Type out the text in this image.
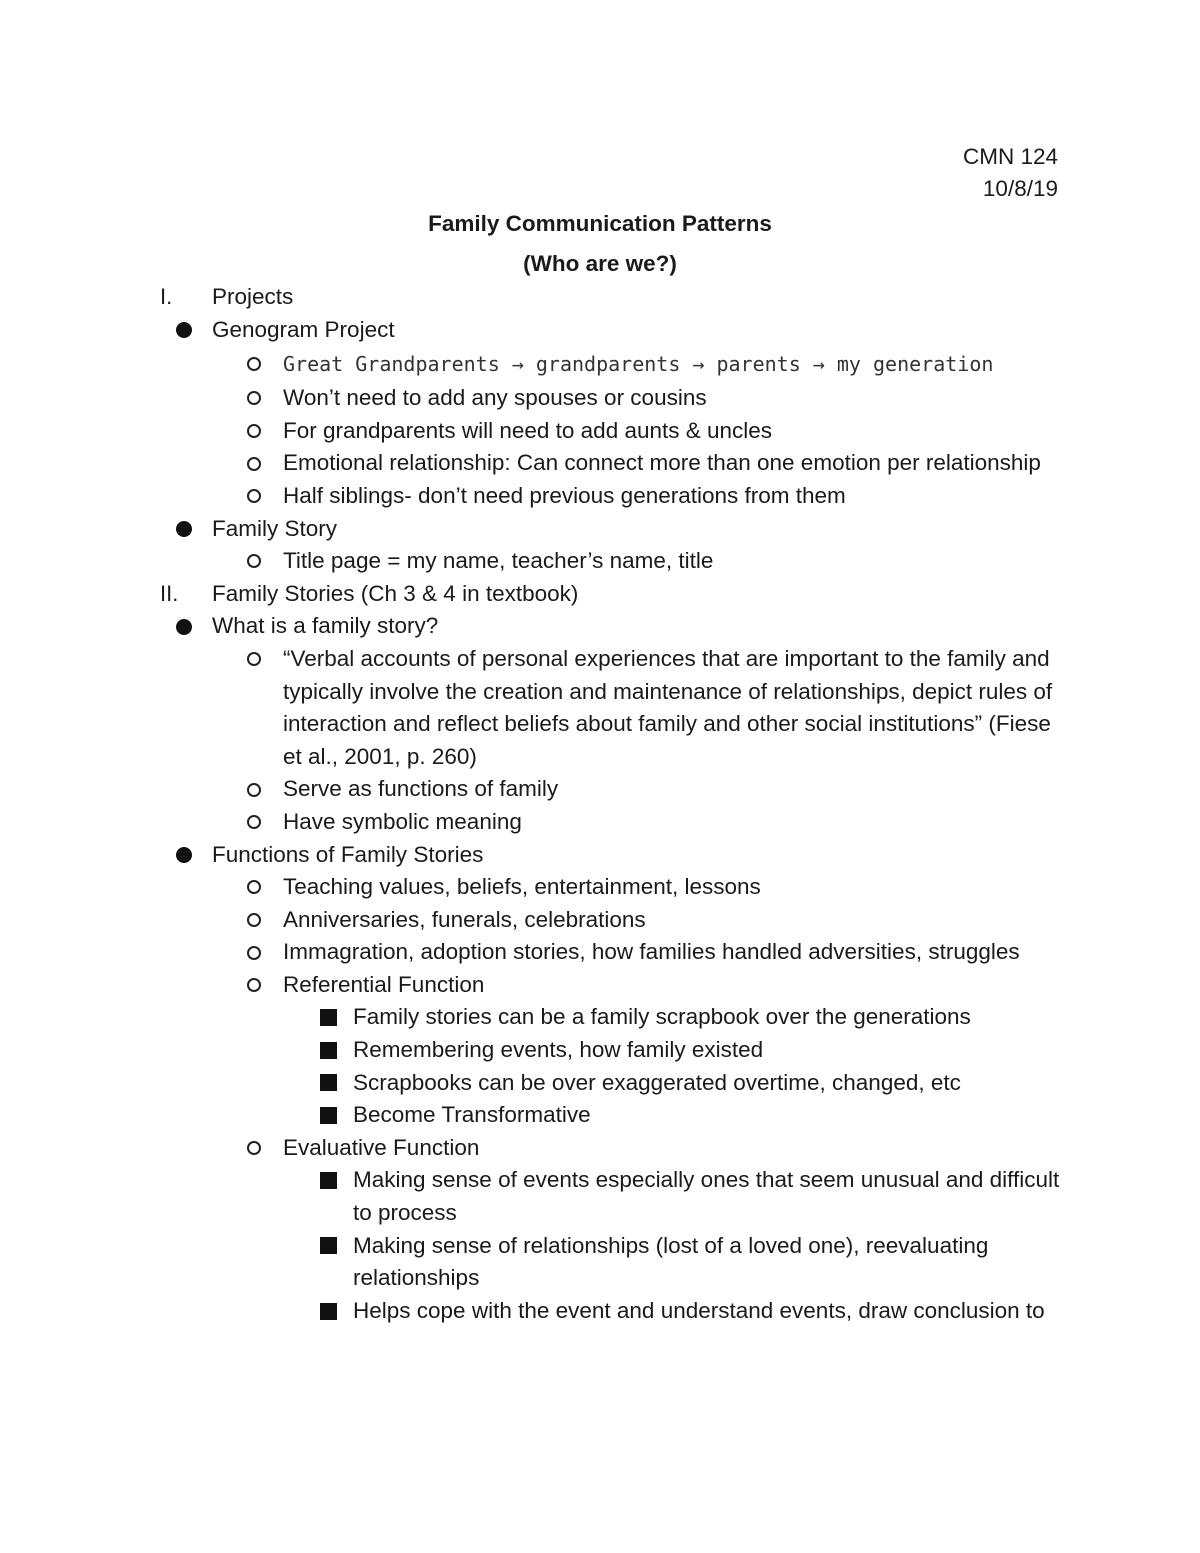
CMN 124
10/8/19
Family Communication Patterns
(Who are we?)
I. Projects
Genogram Project
Great Grandparents → grandparents → parents → my generation
Won’t need to add any spouses or cousins
For grandparents will need to add aunts & uncles
Emotional relationship: Can connect more than one emotion per relationship
Half siblings- don’t need previous generations from them
Family Story
Title page = my name, teacher’s name, title
II. Family Stories (Ch 3 & 4 in textbook)
What is a family story?
“Verbal accounts of personal experiences that are important to the family and typically involve the creation and maintenance of relationships, depict rules of interaction and reflect beliefs about family and other social institutions” (Fiese et al., 2001, p. 260)
Serve as functions of family
Have symbolic meaning
Functions of Family Stories
Teaching values, beliefs, entertainment, lessons
Anniversaries, funerals, celebrations
Immagration, adoption stories, how families handled adversities, struggles
Referential Function
Family stories can be a family scrapbook over the generations
Remembering events, how family existed
Scrapbooks can be over exaggerated overtime, changed, etc
Become Transformative
Evaluative Function
Making sense of events especially ones that seem unusual and difficult to process
Making sense of relationships (lost of a loved one), reevaluating relationships
Helps cope with the event and understand events, draw conclusion to
